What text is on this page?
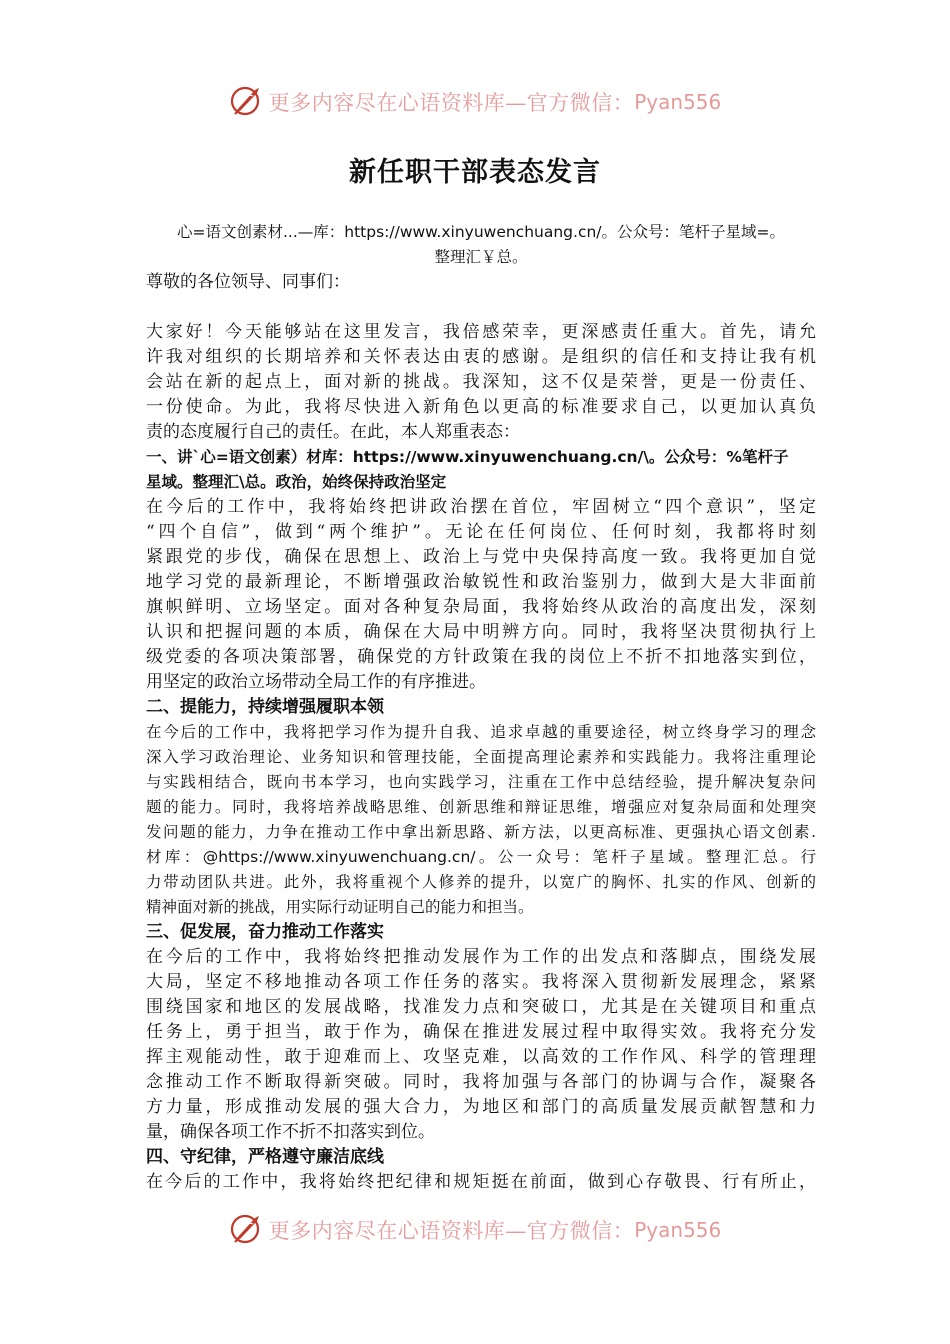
更多内容尽在心语资料库—官方微信： Pyan556
新任职干部表态发言
心=语文创素材...—库：https://www.xinyuwenchuang.cn/。公众号：笔杆子星域=。
整理汇￥总。
尊敬的各位领导、同事们：
大家好！今天能够站在这里发言，我倍感荣幸，更深感责任重大。首先，请允
许我对组织的长期培养和关怀表达由衷的感谢。是组织的信任和支持让我有机
会站在新的起点上，面对新的挑战。我深知，这不仅是荣誉，更是一份责任、
一份使命。为此，我将尽快进入新角色以更高的标准要求自己，以更加认真负
责的态度履行自己的责任。在此，本人郑重表态：
一、讲`心=语文创素）材库：https://www.xinyuwenchuang.cn/\。公众号：%笔杆子
星域。整理汇\总。政治，始终保持政治坚定
在今后的工作中，我将始终把讲政治摆在首位，牢固树立“四个意识”，坚定
“四个自信”，做到“两个维护”。无论在任何岗位、任何时刻，我都将时刻
紧跟党的步伐，确保在思想上、政治上与党中央保持高度一致。我将更加自觉
地学习党的最新理论，不断增强政治敏锐性和政治鉴别力，做到大是大非面前
旗帜鲜明、立场坚定。面对各种复杂局面，我将始终从政治的高度出发，深刻
认识和把握问题的本质，确保在大局中明辨方向。同时，我将坚决贯彻执行上
级党委的各项决策部署，确保党的方针政策在我的岗位上不折不扣地落实到位，
用坚定的政治立场带动全局工作的有序推进。
二、提能力，持续增强履职本领
在今后的工作中，我将把学习作为提升自我、追求卓越的重要途径，树立终身学习的理念
深入学习政治理论、业务知识和管理技能，全面提高理论素养和实践能力。我将注重理论
与实践相结合，既向书本学习，也向实践学习，注重在工作中总结经验，提升解决复杂问
题的能力。同时，我将培养战略思维、创新思维和辩证思维，增强应对复杂局面和处理突
发问题的能力，力争在推动工作中拿出新思路、新方法，以更高标准、更强执心语文创素.
材库：@https://www.xinyuwenchuang.cn/。公一众号：笔杆子星域。整理汇总。行
力带动团队共进。此外，我将重视个人修养的提升，以宽广的胸怀、扎实的作风、创新的
精神面对新的挑战，用实际行动证明自己的能力和担当。
三、促发展，奋力推动工作落实
在今后的工作中，我将始终把推动发展作为工作的出发点和落脚点，围绕发展
大局，坚定不移地推动各项工作任务的落实。我将深入贯彻新发展理念，紧紧
围绕国家和地区的发展战略，找准发力点和突破口，尤其是在关键项目和重点
任务上，勇于担当，敢于作为，确保在推进发展过程中取得实效。我将充分发
挥主观能动性，敢于迎难而上、攻坚克难，以高效的工作作风、科学的管理理
念推动工作不断取得新突破。同时，我将加强与各部门的协调与合作，凝聚各
方力量，形成推动发展的强大合力，为地区和部门的高质量发展贡献智慧和力
量，确保各项工作不折不扣落实到位。
四、守纪律，严格遵守廉洁底线
在今后的工作中，我将始终把纪律和规矩挺在前面，做到心存敬畏、行有所止，
更多内容尽在心语资料库—官方微信： Pyan556
